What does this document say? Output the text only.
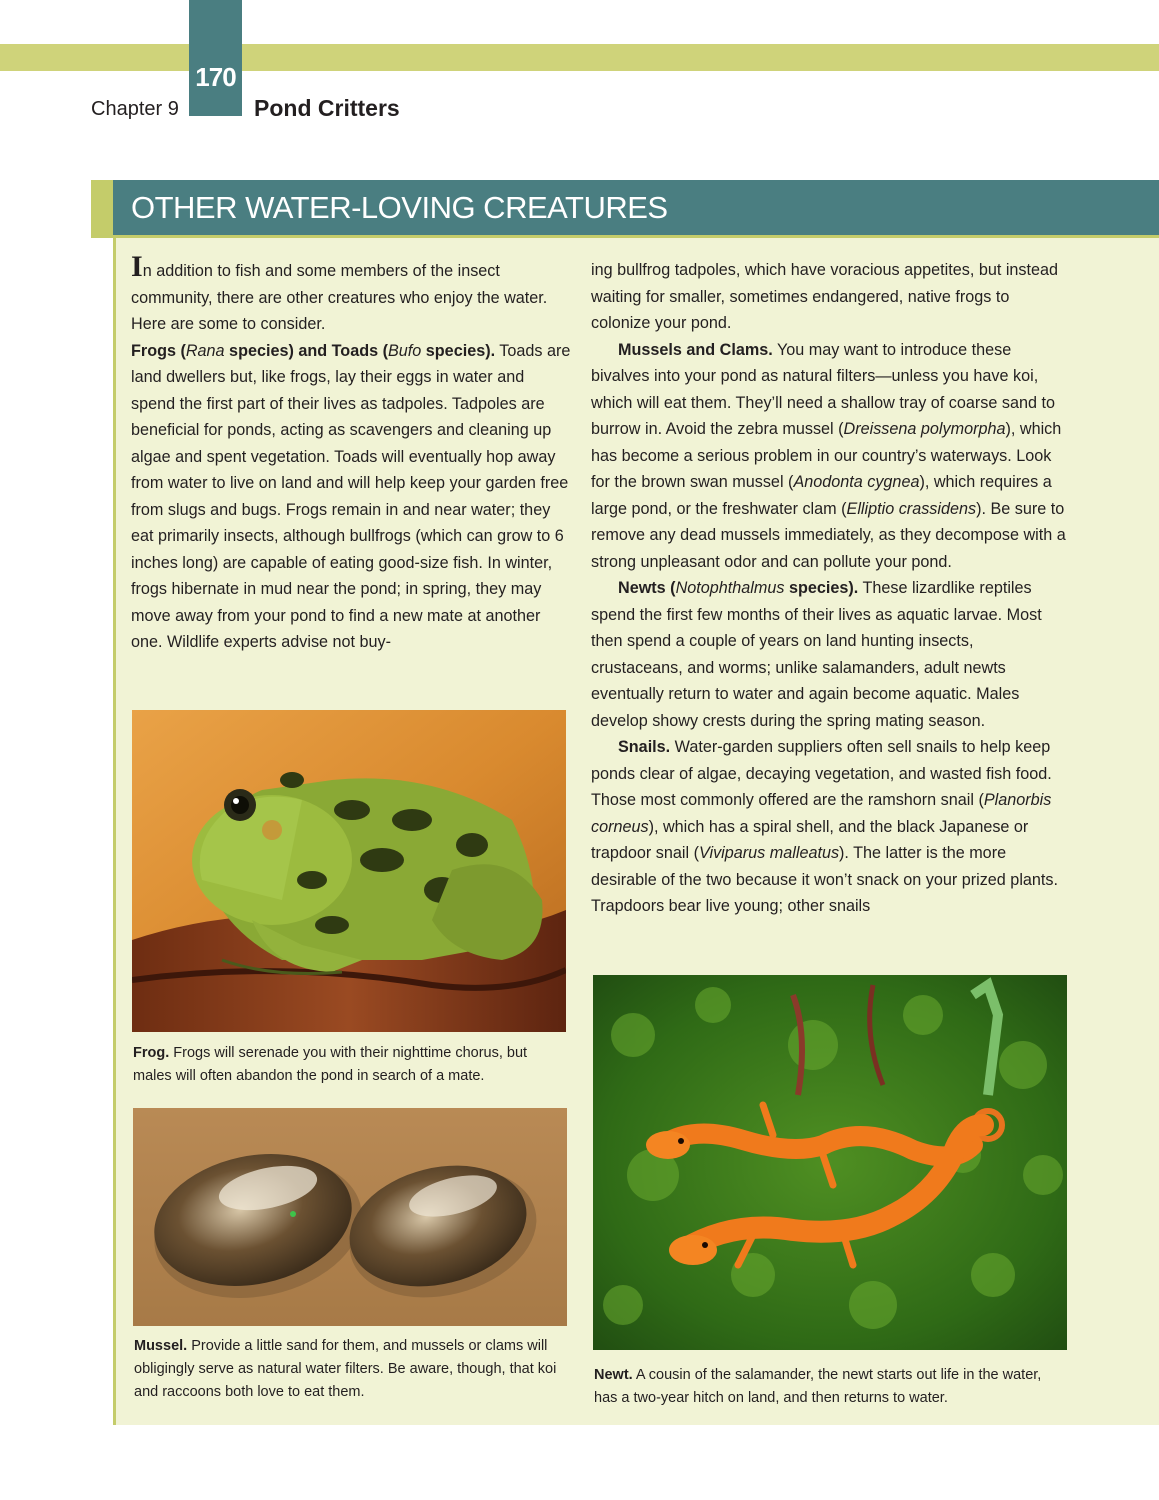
170
Chapter 9	Pond Critters
OTHER WATER-LOVING CREATURES

In addition to fish and some members of the insect community, there are other creatures who enjoy the water. Here are some to consider.

Frogs (Rana species) and Toads (Bufo species). Toads are land dwellers but, like frogs, lay their eggs in water and spend the first part of their lives as tadpoles. Tadpoles are beneficial for ponds, acting as scavengers and cleaning up algae and spent vegetation. Toads will eventually hop away from water to live on land and will help keep your garden free from slugs and bugs. Frogs remain in and near water; they eat primarily insects, although bullfrogs (which can grow to 6 inches long) are capable of eating good-size fish. In winter, frogs hibernate in mud near the pond; in spring, they may move away from your pond to find a new mate at another one. Wildlife experts advise not buy-

ing bullfrog tadpoles, which have voracious appetites, but instead waiting for smaller, sometimes endangered, native frogs to colonize your pond.

Mussels and Clams. You may want to introduce these bivalves into your pond as natural filters—unless you have koi, which will eat them. They’ll need a shallow tray of coarse sand to burrow in. Avoid the zebra mussel (Dreissena polymorpha), which has become a serious problem in our country’s waterways. Look for the brown swan mussel (Anodonta cygnea), which requires a large pond, or the freshwater clam (Elliptio crassidens). Be sure to remove any dead mussels immediately, as they decompose with a strong unpleasant odor and can pollute your pond.

Newts (Notophthalmus species). These lizardlike reptiles spend the first few months of their lives as aquatic larvae. Most then spend a couple of years on land hunting insects, crustaceans, and worms; unlike salamanders, adult newts eventually return to water and again become aquatic. Males develop showy crests during the spring mating season.

Snails. Water-garden suppliers often sell snails to help keep ponds clear of algae, decaying vegetation, and wasted fish food. Those most commonly offered are the ramshorn snail (Planorbis corneus), which has a spiral shell, and the black Japanese or trapdoor snail (Viviparus malleatus). The latter is the more desirable of the two because it won’t snack on your prized plants. Trapdoors bear live young; other snails

Frog. Frogs will serenade you with their nighttime chorus, but males will often abandon the pond in search of a mate.
Mussel. Provide a little sand for them, and mussels or clams will obligingly serve as natural water filters. Be aware, though, that koi and raccoons both love to eat them.
Newt. A cousin of the salamander, the newt starts out life in the water, has a two-year hitch on land, and then returns to water.
